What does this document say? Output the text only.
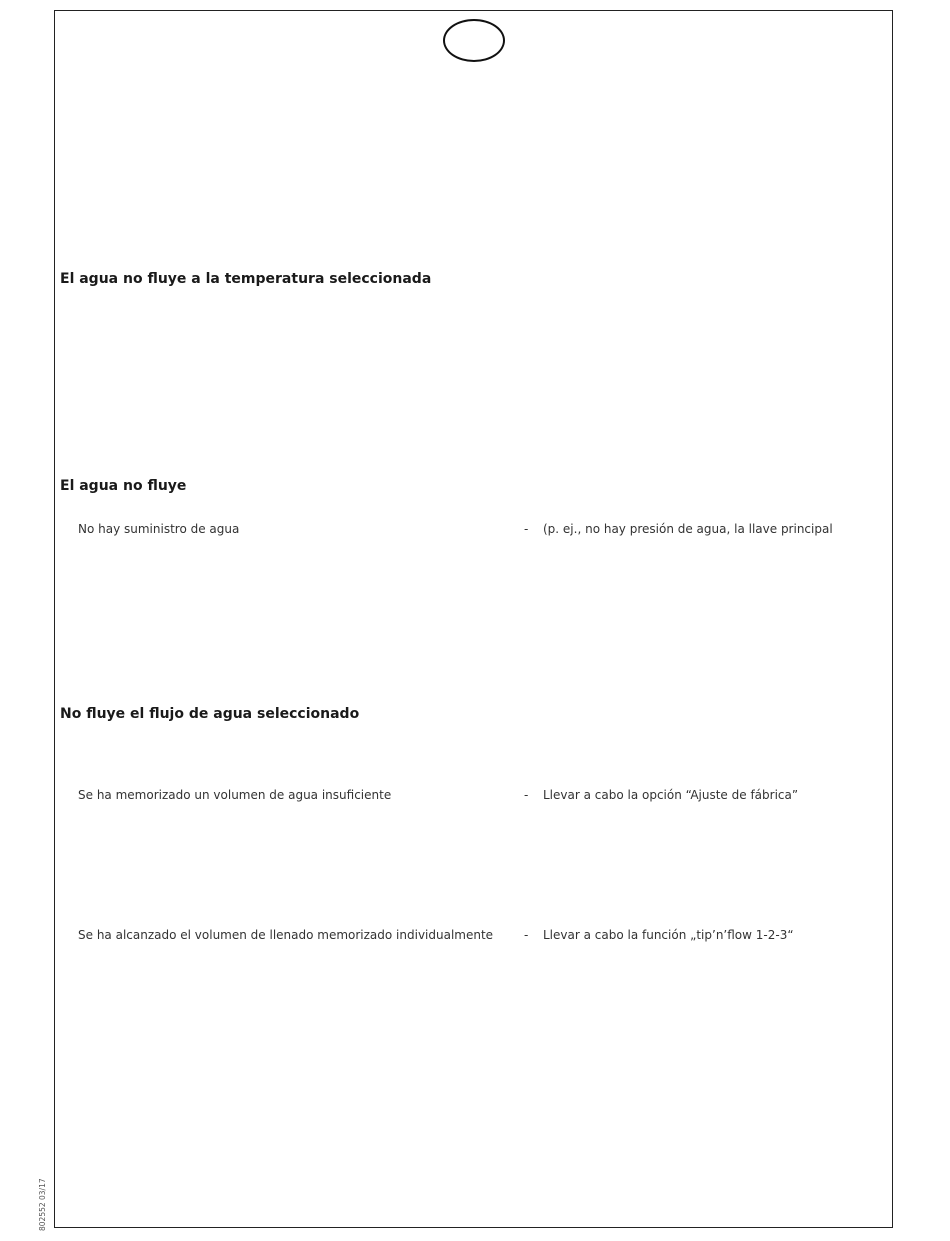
El agua no fluye a la temperatura seleccionada
El agua no fluye
No hay suministro de agua	- (p. ej., no hay presión de agua, la llave principal
No fluye el flujo de agua seleccionado
Se ha memorizado un volumen de agua insuficiente	- Llevar a cabo la opción “Ajuste de fábrica”
Se ha alcanzado el volumen de llenado memorizado individualmente	- Llevar a cabo la función „tip’n’flow 1-2-3“
802552 03/17
